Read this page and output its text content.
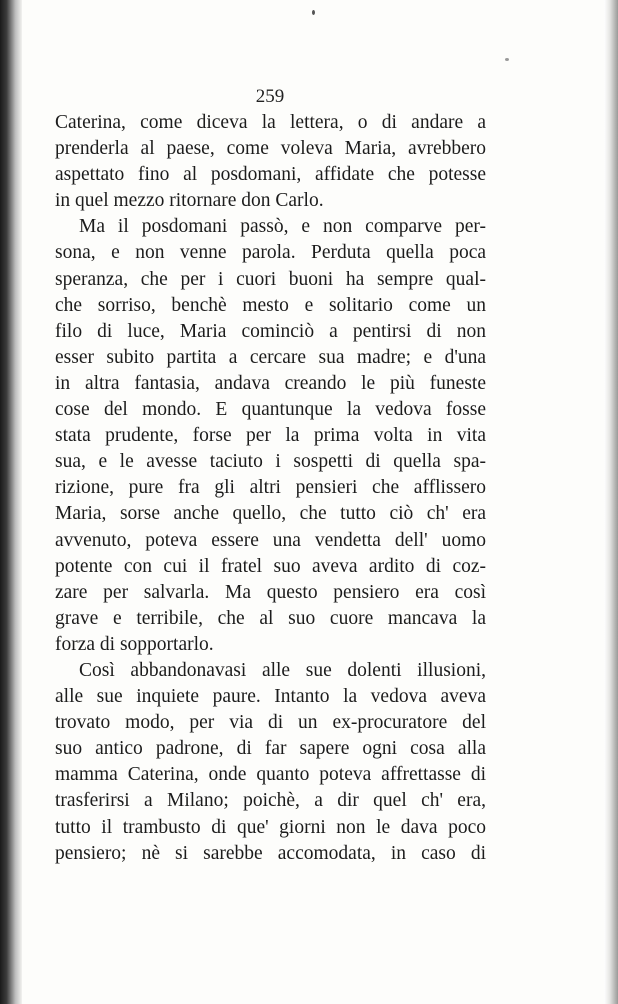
259
Caterina, come diceva la lettera, o di andare a
prenderla al paese, come voleva Maria, avrebbero
aspettato fino al posdomani, affidate che potesse
in quel mezzo ritornare don Carlo.
Ma il posdomani passò, e non comparve per-
sona, e non venne parola. Perduta quella poca
speranza, che per i cuori buoni ha sempre qual-
che sorriso, benchè mesto e solitario come un
filo di luce, Maria cominciò a pentirsi di non
esser subito partita a cercare sua madre; e d'una
in altra fantasia, andava creando le più funeste
cose del mondo. E quantunque la vedova fosse
stata prudente, forse per la prima volta in vita
sua, e le avesse taciuto i sospetti di quella spa-
rizione, pure fra gli altri pensieri che afflissero
Maria, sorse anche quello, che tutto ciò ch' era
avvenuto, poteva essere una vendetta dell' uomo
potente con cui il fratel suo aveva ardito di coz-
zare per salvarla. Ma questo pensiero era così
grave e terribile, che al suo cuore mancava la
forza di sopportarlo.
Così abbandonavasi alle sue dolenti illusioni,
alle sue inquiete paure. Intanto la vedova aveva
trovato modo, per via di un ex-procuratore del
suo antico padrone, di far sapere ogni cosa alla
mamma Caterina, onde quanto poteva affrettasse di
trasferirsi a Milano; poichè, a dir quel ch' era,
tutto il trambusto di que' giorni non le dava poco
pensiero; nè si sarebbe accomodata, in caso di
